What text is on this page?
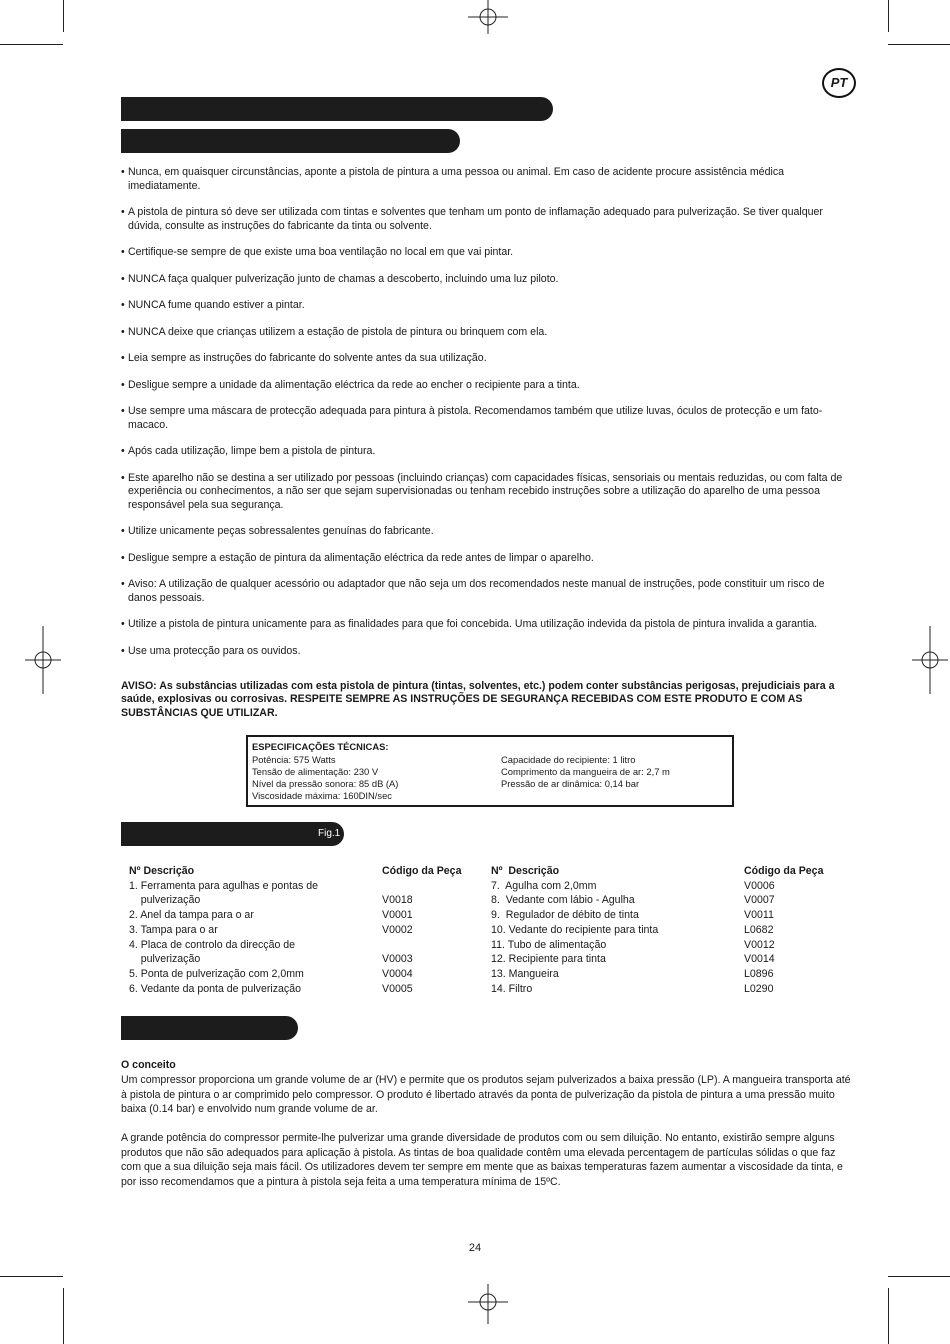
PT
• Nunca, em quaisquer circunstâncias, aponte a pistola de pintura a uma pessoa ou animal. Em caso de acidente procure assistência médica imediatamente.
• A pistola de pintura só deve ser utilizada com tintas e solventes que tenham um ponto de inflamação adequado para pulverização. Se tiver qualquer dúvida, consulte as instruções do fabricante da tinta ou solvente.
• Certifique-se sempre de que existe uma boa ventilação no local em que vai pintar.
• NUNCA faça qualquer pulverização junto de chamas a descoberto, incluindo uma luz piloto.
• NUNCA fume quando estiver a pintar.
• NUNCA deixe que crianças utilizem a estação de pistola de pintura ou brinquem com ela.
• Leia sempre as instruções do fabricante do solvente antes da sua utilização.
• Desligue sempre a unidade da alimentação eléctrica da rede ao encher o recipiente para a tinta.
• Use sempre uma máscara de protecção adequada para pintura à pistola. Recomendamos também que utilize luvas, óculos de protecção e um fato-macaco.
• Após cada utilização, limpe bem a pistola de pintura.
• Este aparelho não se destina a ser utilizado por pessoas (incluindo crianças) com capacidades físicas, sensoriais ou mentais reduzidas, ou com falta de experiência ou conhecimentos, a não ser que sejam supervisionadas ou tenham recebido instruções sobre a utilização do aparelho de uma pessoa responsável pela sua segurança.
• Utilize unicamente peças sobressalentes genuínas do fabricante.
• Desligue sempre a estação de pintura da alimentação eléctrica da rede antes de limpar o aparelho.
• Aviso: A utilização de qualquer acessório ou adaptador que não seja um dos recomendados neste manual de instruções, pode constituir um risco de danos pessoais.
• Utilize a pistola de pintura unicamente para as finalidades para que foi concebida. Uma utilização indevida da pistola de pintura invalida a garantia.
• Use uma protecção para os ouvidos.
AVISO: As substâncias utilizadas com esta pistola de pintura (tintas, solventes, etc.) podem conter substâncias perigosas, prejudiciais para a saúde, explosivas ou corrosivas. RESPEITE SEMPRE AS INSTRUÇÕES DE SEGURANÇA RECEBIDAS COM ESTE PRODUTO E COM AS SUBSTÂNCIAS QUE UTILIZAR.
ESPECIFICAÇÕES TÉCNICAS:
Potência: 575 Watts
Tensão de alimentação: 230 V
Nível da pressão sonora: 85 dB (A)
Viscosidade máxima: 160DIN/sec
Capacidade do recipiente: 1 litro
Comprimento da mangueira de ar: 2,7 m
Pressão de ar dinâmica: 0,14 bar
Fig.1
Nº Descrição
1. Ferramenta para agulhas e pontas de
pulverização
2. Anel da tampa para o ar
3. Tampa para o ar
4. Placa de controlo da direcção de
pulverização
5. Ponta de pulverização com 2,0mm
6. Vedante da ponta de pulverização
Código da Peça

V0018
V0001
V0002

V0003
V0004
V0005
Nº  Descrição
7.  Agulha com 2,0mm
8.  Vedante com lábio - Agulha
9.  Regulador de débito de tinta
10. Vedante do recipiente para tinta
11. Tubo de alimentação
12. Recipiente para tinta
13. Mangueira
14. Filtro
Código da Peça
V0006
V0007
V0011
L0682
V0012
V0014
L0896
L0290
O conceito
Um compressor proporciona um grande volume de ar (HV) e permite que os produtos sejam pulverizados a baixa pressão (LP). A mangueira transporta até à pistola de pintura o ar comprimido pelo compressor. O produto é libertado através da ponta de pulverização da pistola de pintura a uma pressão muito baixa (0.14 bar) e envolvido num grande volume de ar.
A grande potência do compressor permite-lhe pulverizar uma grande diversidade de produtos com ou sem diluição. No entanto, existirão sempre alguns produtos que não são adequados para aplicação à pistola. As tintas de boa qualidade contêm uma elevada percentagem de partículas sólidas o que faz com que a sua diluição seja mais fácil. Os utilizadores devem ter sempre em mente que as baixas temperaturas fazem aumentar a viscosidade da tinta, e por isso recomendamos que a pintura à pistola seja feita a uma temperatura mínima de 15ºC.
24
